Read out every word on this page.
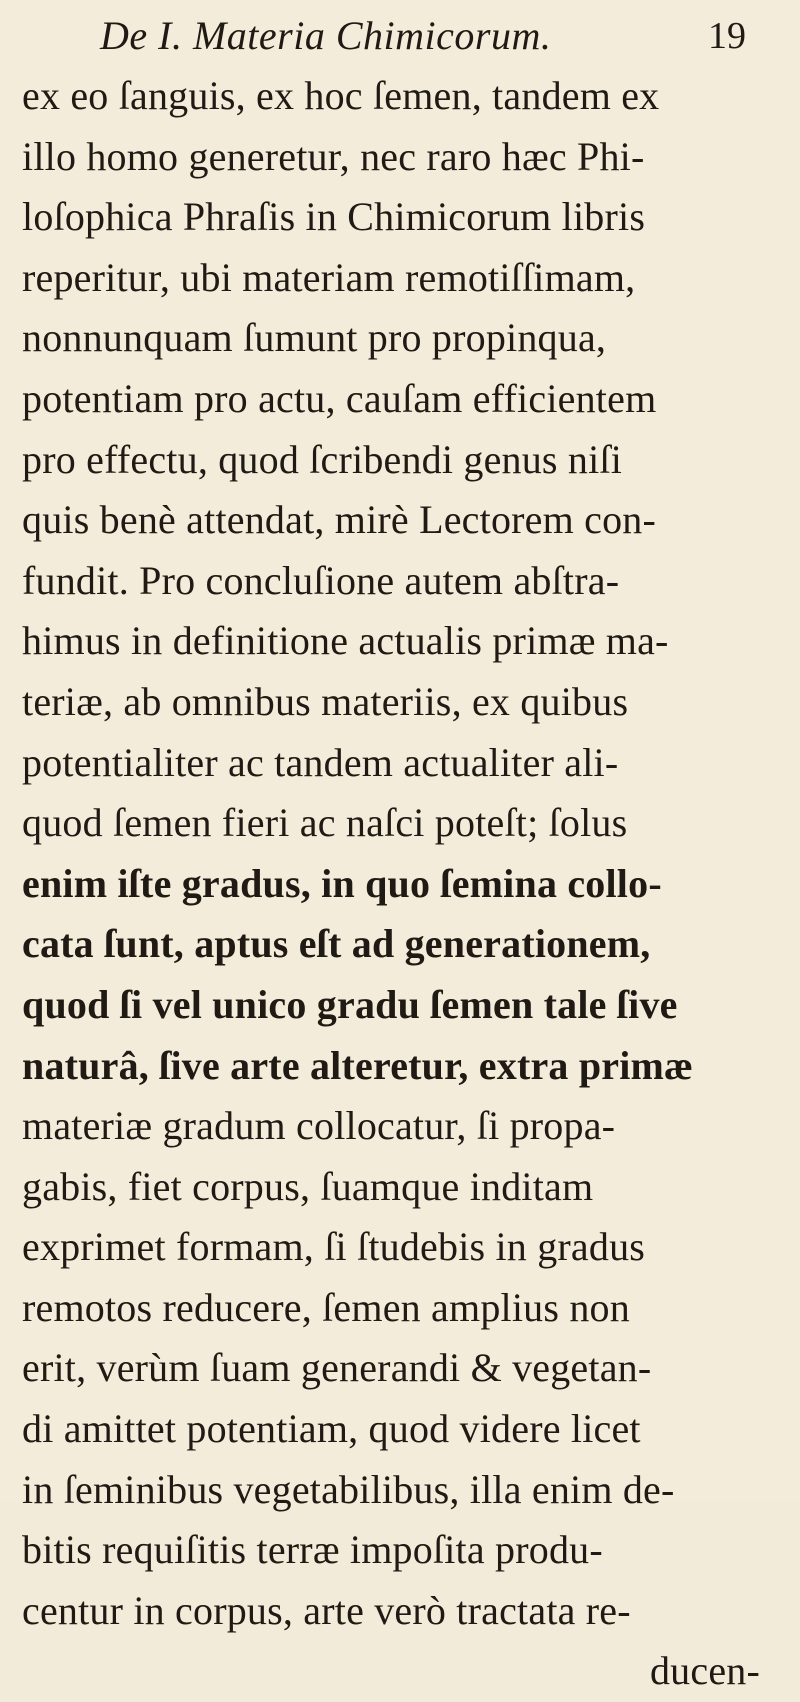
De I. Materia Chimicorum.	19
ex eo ſanguis, ex hoc ſemen, tandem ex
illo homo generetur, nec raro hæc Phi-
loſophica Phraſis in Chimicorum libris
reperitur, ubi materiam remotiſſimam,
nonnunquam ſumunt pro propinqua,
potentiam pro actu, cauſam efficientem
pro effectu, quod ſcribendi genus niſi
quis benè attendat, mirè Lectorem con-
fundit. Pro concluſione autem abſtra-
himus in definitione actualis primæ ma-
teriæ, ab omnibus materiis, ex quibus
potentialiter ac tandem actualiter ali-
quod ſemen fieri ac naſci poteſt; ſolus
enim iſte gradus, in quo ſemina collo-
cata ſunt, aptus eſt ad generationem,
quod ſi vel unico gradu ſemen tale ſive
naturâ, ſive arte alteretur, extra primæ
materiæ gradum collocatur, ſi propa-
gabis, fiet corpus, ſuamque inditam
exprimet formam, ſi ſtudebis in gradus
remotos reducere, ſemen amplius non
erit, verùm ſuam generandi & vegetan-
di amittet potentiam, quod videre licet
in ſeminibus vegetabilibus, illa enim de-
bitis requiſitis terræ impoſita produ-
centur in corpus, arte verò tractata re-
ducen-
